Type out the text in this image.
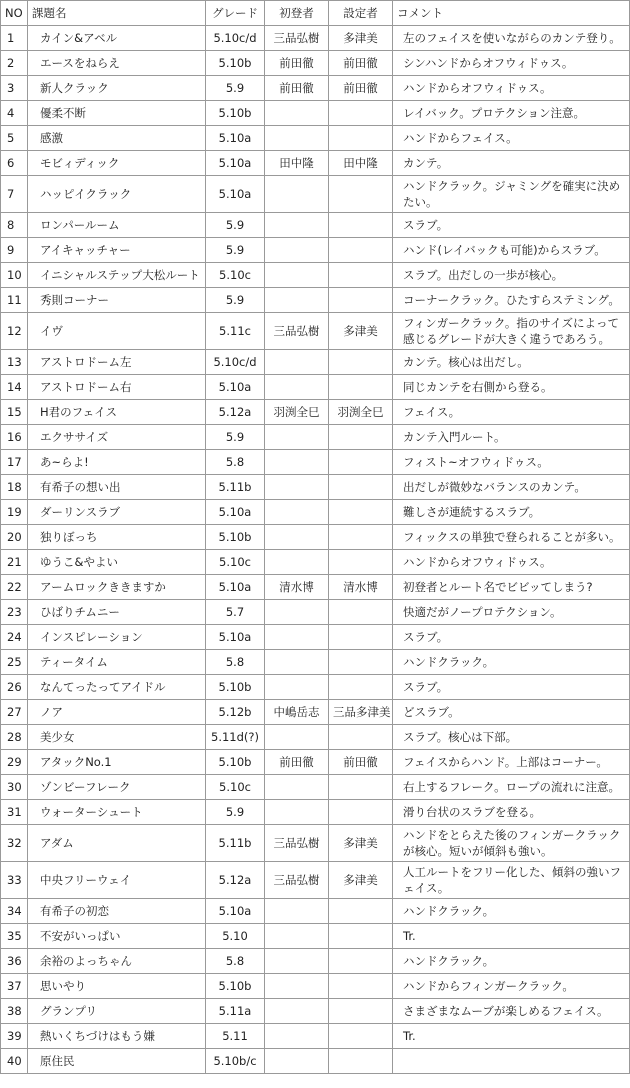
NO	課題名	グレード	初登者	設定者	コメント
1	カイン&アベル	5.10c/d	三品弘樹	多津美	左のフェイスを使いながらのカンテ登り。
2	エースをねらえ	5.10b	前田徹	前田徹	シンハンドからオフウィドゥス。
3	新人クラック	5.9	前田徹	前田徹	ハンドからオフウィドゥス。
4	優柔不断	5.10b			レイバック。プロテクション注意。
5	感激	5.10a			ハンドからフェイス。
6	モビィディック	5.10a	田中隆	田中隆	カンテ。
7	ハッピイクラック	5.10a			ハンドクラック。ジャミングを確実に決めたい。
8	ロンパールーム	5.9			スラブ。
9	アイキャッチャー	5.9			ハンド(レイバックも可能)からスラブ。
10	イニシャルステップ大松ルート	5.10c			スラブ。出だしの一歩が核心。
11	秀則コーナー	5.9			コーナークラック。ひたすらステミング。
12	イヴ	5.11c	三品弘樹	多津美	フィンガークラック。指のサイズによって感じるグレードが大きく違うであろう。
13	アストロドーム左	5.10c/d			カンテ。核心は出だし。
14	アストロドーム右	5.10a			同じカンテを右側から登る。
15	H君のフェイス	5.12a	羽渕全巳	羽渕全巳	フェイス。
16	エクササイズ	5.9			カンテ入門ルート。
17	あ~らよ!	5.8			フィスト~オフウィドゥス。
18	有希子の想い出	5.11b			出だしが微妙なバランスのカンテ。
19	ダーリンスラブ	5.10a			難しさが連続するスラブ。
20	独りぼっち	5.10b			フィックスの単独で登られることが多い。
21	ゆうこ&やよい	5.10c			ハンドからオフウィドゥス。
22	アームロックききますか	5.10a	清水博	清水博	初登者とルート名でビビッてしまう?
23	ひばりチムニー	5.7			快適だがノープロテクション。
24	インスピレーション	5.10a			スラブ。
25	ティータイム	5.8			ハンドクラック。
26	なんてったってアイドル	5.10b			スラブ。
27	ノア	5.12b	中嶋岳志	三品多津美	どスラブ。
28	美少女	5.11d(?)			スラブ。核心は下部。
29	アタックNo.1	5.10b	前田徹	前田徹	フェイスからハンド。上部はコーナー。
30	ゾンビーフレーク	5.10c			右上するフレーク。ロープの流れに注意。
31	ウォーターシュート	5.9			滑り台状のスラブを登る。
32	アダム	5.11b	三品弘樹	多津美	ハンドをとらえた後のフィンガークラックが核心。短いが傾斜も強い。
33	中央フリーウェイ	5.12a	三品弘樹	多津美	人工ルートをフリー化した、傾斜の強いフェイス。
34	有希子の初恋	5.10a			ハンドクラック。
35	不安がいっぱい	5.10			Tr.
36	余裕のよっちゃん	5.8			ハンドクラック。
37	思いやり	5.10b			ハンドからフィンガークラック。
38	グランプリ	5.11a			さまざまなムーブが楽しめるフェイス。
39	熱いくちづけはもう嫌	5.11			Tr.
40	原住民	5.10b/c			
